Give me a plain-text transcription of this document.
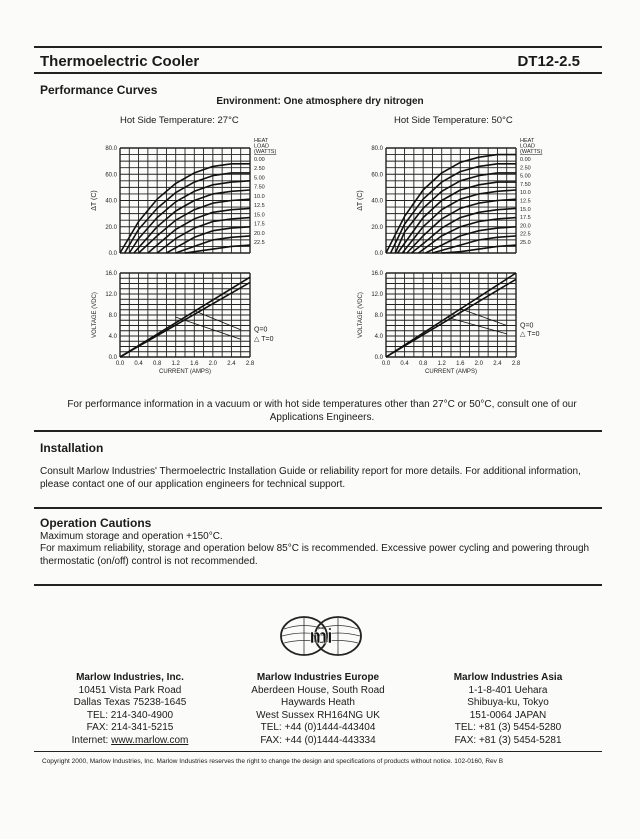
Thermoelectric Cooler	DT12-2.5
Performance Curves
Environment: One atmosphere dry nitrogen
Hot Side Temperature: 27°C	Hot Side Temperature: 50°C
80.0
60.0
40.0
20.0
0.0
16.0
12.0
8.0
4.0
0.0
0.0 0.4 0.8 1.2 1.6 2.0 2.4 2.8
CURRENT (AMPS)
ΔT (C)
VOLTAGE (VDC)
HEAT
LOAD
(WATTS)
0.00
2.50
5.00
7.50
10.0
12.5
15.0
17.5
20.0
22.5
Q=0
△ T=0
80.0
60.0
40.0
20.0
0.0
16.0
12.0
8.0
4.0
0.0
0.0 0.4 0.8 1.2 1.6 2.0 2.4 2.8
CURRENT (AMPS)
ΔT (C)
VOLTAGE (VDC)
HEAT
LOAD
(WATTS)
0.00
2.50
5.00
7.50
10.0
12.5
15.0
17.5
20.0
22.5
25.0
Q=0
△ T=0
For performance information in a vacuum or with hot side temperatures other than 27°C or 50°C, consult one of our Applications Engineers.
Installation
Consult Marlow Industries' Thermoelectric Installation Guide or reliability report for more details. For additional information, please contact one of our application engineers for technical support.
Operation Cautions
Maximum storage and operation +150°C.
For maximum reliability, storage and operation below 85°C is recommended. Excessive power cycling and powering through thermostatic (on/off) control is not recommended.
mi
Marlow Industries, Inc.
10451 Vista Park Road
Dallas Texas 75238-1645
TEL: 214-340-4900
FAX: 214-341-5215
Internet: www.marlow.com
Marlow Industries Europe
Aberdeen House, South Road
Haywards Heath
West Sussex RH164NG UK
TEL: +44 (0)1444-443404
FAX: +44 (0)1444-443334
Marlow Industries Asia
1-1-8-401 Uehara
Shibuya-ku, Tokyo
151-0064 JAPAN
TEL: +81 (3) 5454-5280
FAX: +81 (3) 5454-5281
Copyright 2000, Marlow Industries, Inc. Marlow Industries reserves the right to change the design and specifications of products without notice. 102-0160, Rev B
